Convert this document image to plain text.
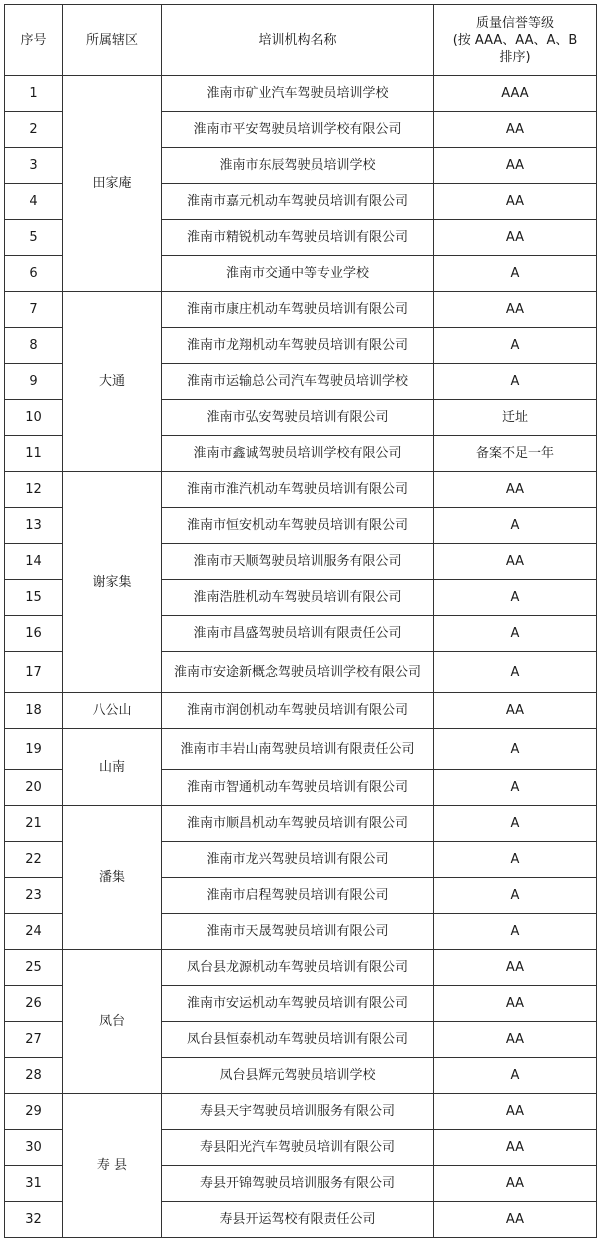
序号	所属辖区	培训机构名称	质量信誉等级
(按 AAA、AA、A、B
排序)
1	田家庵	淮南市矿业汽车驾驶员培训学校	AAA
2		淮南市平安驾驶员培训学校有限公司	AA
3		淮南市东辰驾驶员培训学校	AA
4		淮南市嘉元机动车驾驶员培训有限公司	AA
5		淮南市精锐机动车驾驶员培训有限公司	AA
6		淮南市交通中等专业学校	A
7	大通	淮南市康庄机动车驾驶员培训有限公司	AA
8		淮南市龙翔机动车驾驶员培训有限公司	A
9		淮南市运输总公司汽车驾驶员培训学校	A
10		淮南市弘安驾驶员培训有限公司	迁址
11		淮南市鑫诚驾驶员培训学校有限公司	备案不足一年
12	谢家集	淮南市淮汽机动车驾驶员培训有限公司	AA
13		淮南市恒安机动车驾驶员培训有限公司	A
14		淮南市天顺驾驶员培训服务有限公司	AA
15		淮南浩胜机动车驾驶员培训有限公司	A
16		淮南市昌盛驾驶员培训有限责任公司	A
17		淮南市安途新概念驾驶员培训学校有限公司	A
18	八公山	淮南市润创机动车驾驶员培训有限公司	AA
19	山南	淮南市丰岩山南驾驶员培训有限责任公司	A
20		淮南市智通机动车驾驶员培训有限公司	A
21	潘集	淮南市顺昌机动车驾驶员培训有限公司	A
22		淮南市龙兴驾驶员培训有限公司	A
23		淮南市启程驾驶员培训有限公司	A
24		淮南市天晟驾驶员培训有限公司	A
25	凤台	凤台县龙源机动车驾驶员培训有限公司	AA
26		淮南市安运机动车驾驶员培训有限公司	AA
27		凤台县恒泰机动车驾驶员培训有限公司	AA
28		凤台县辉元驾驶员培训学校	A
29	寿 县	寿县天宇驾驶员培训服务有限公司	AA
30		寿县阳光汽车驾驶员培训有限公司	AA
31		寿县开锦驾驶员培训服务有限公司	AA
32		寿县开运驾校有限责任公司	AA
